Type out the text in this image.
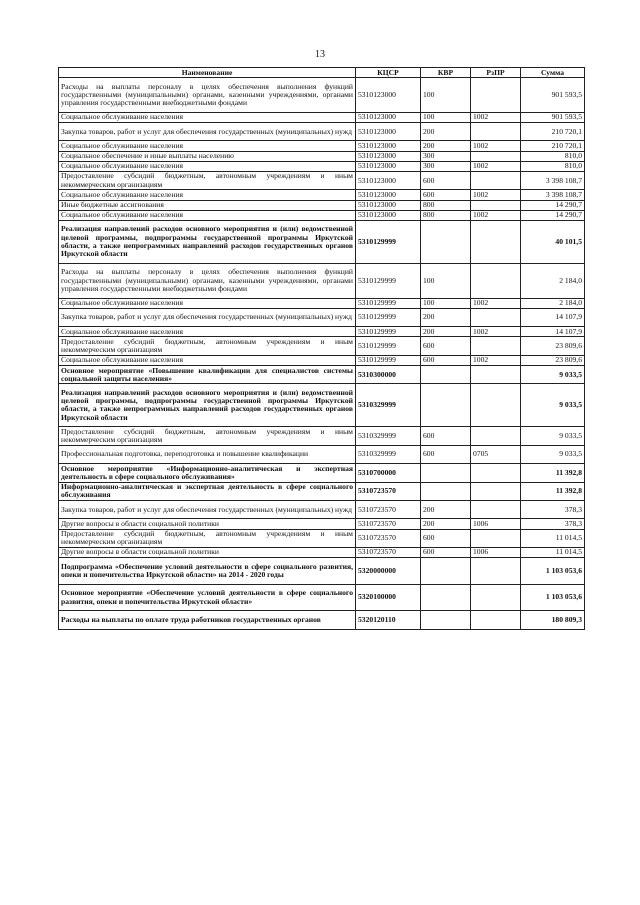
13
Наименование	КЦСР	КВР	РзПР	Сумма
Расходы на выплаты персоналу в целях обеспечения выполнения функций государственными (муниципальными) органами, казенными учреждениями, органами управления государственными внебюджетными фондами	5310123000	100		901 593,5
Социальное обслуживание населения	5310123000	100	1002	901 593,5
Закупка товаров, работ и услуг для обеспечения государственных (муниципальных) нужд	5310123000	200		210 720,1
Социальное обслуживание населения	5310123000	200	1002	210 720,1
Социальное обеспечение и иные выплаты населению	5310123000	300		810,0
Социальное обслуживание населения	5310123000	300	1002	810,0
Предоставление субсидий бюджетным, автономным учреждениям и иным некоммерческим организациям	5310123000	600		3 398 108,7
Социальное обслуживание населения	5310123000	600	1002	3 398 108,7
Иные бюджетные ассигнования	5310123000	800		14 290,7
Социальное обслуживание населения	5310123000	800	1002	14 290,7
Реализация направлений расходов основного мероприятия и (или) ведомственной целевой программы, подпрограммы государственной программы Иркутской области, а также непрограммных направлений расходов государственных органов Иркутской области	5310129999			40 101,5
Расходы на выплаты персоналу в целях обеспечения выполнения функций государственными (муниципальными) органами, казенными учреждениями, органами управления государственными внебюджетными фондами	5310129999	100		2 184,0
Социальное обслуживание населения	5310129999	100	1002	2 184,0
Закупка товаров, работ и услуг для обеспечения государственных (муниципальных) нужд	5310129999	200		14 107,9
Социальное обслуживание населения	5310129999	200	1002	14 107,9
Предоставление субсидий бюджетным, автономным учреждениям и иным некоммерческим организациям	5310129999	600		23 809,6
Социальное обслуживание населения	5310129999	600	1002	23 809,6
Основное мероприятие «Повышение квалификации для специалистов системы социальной защиты населения»	5310300000			9 033,5
Реализация направлений расходов основного мероприятия и (или) ведомственной целевой программы, подпрограммы государственной программы Иркутской области, а также непрограммных направлений расходов государственных органов Иркутской области	5310329999			9 033,5
Предоставление субсидий бюджетным, автономным учреждениям и иным некоммерческим организациям	5310329999	600		9 033,5
Профессиональная подготовка, переподготовка и повышение квалификации	5310329999	600	0705	9 033,5
Основное мероприятие «Информационно-аналитическая и экспертная деятельность в сфере социального обслуживания»	5310700000			11 392,8
Информационно-аналитическая и экспертная деятельность в сфере социального обслуживания	5310723570			11 392,8
Закупка товаров, работ и услуг для обеспечения государственных (муниципальных) нужд	5310723570	200		378,3
Другие вопросы в области социальной политики	5310723570	200	1006	378,3
Предоставление субсидий бюджетным, автономным учреждениям и иным некоммерческим организациям	5310723570	600		11 014,5
Другие вопросы в области социальной политики	5310723570	600	1006	11 014,5
Подпрограмма «Обеспечение условий деятельности в сфере социального развития, опеки и попечительства Иркутской области» на 2014 - 2020 годы	5320000000			1 103 053,6
Основное мероприятие «Обеспечение условий деятельности в сфере социального развития, опеки и попечительства Иркутской области»	5320100000			1 103 053,6
Расходы на выплаты по оплате труда работников государственных органов	5320120110			180 809,3
